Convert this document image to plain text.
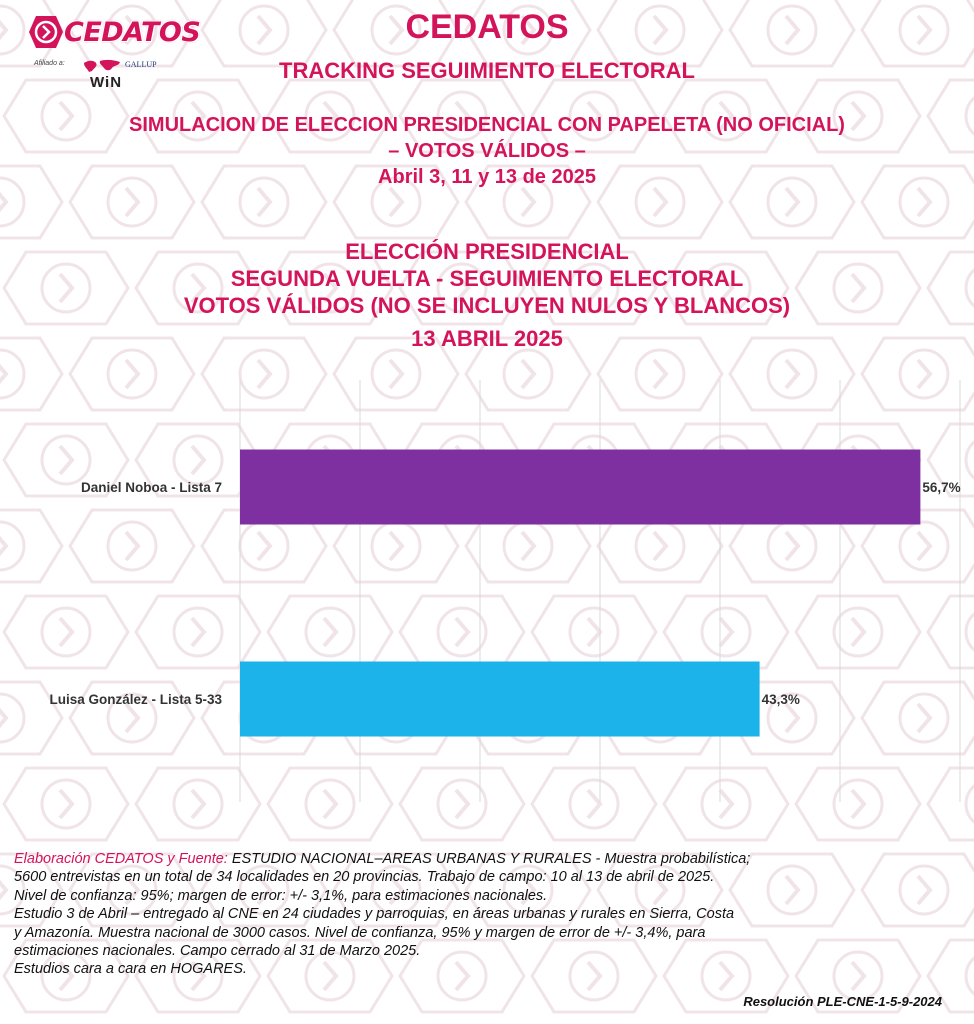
CEDATOS
Afiliado a:
WiN
GALLUP
CEDATOS
TRACKING SEGUIMIENTO ELECTORAL
SIMULACION DE ELECCION PRESIDENCIAL CON PAPELETA (NO OFICIAL)
– VOTOS VÁLIDOS –
Abril 3, 11 y 13 de 2025
ELECCIÓN PRESIDENCIAL
SEGUNDA VUELTA - SEGUIMIENTO ELECTORAL
VOTOS VÁLIDOS (NO SE INCLUYEN NULOS Y BLANCOS)
13 ABRIL 2025
Daniel Noboa - Lista 7	56,7%
Luisa González - Lista 5-33	43,3%
Elaboración CEDATOS y Fuente: ESTUDIO NACIONAL–AREAS URBANAS Y RURALES - Muestra probabilística;
5600 entrevistas en un total de 34 localidades en 20 provincias. Trabajo de campo: 10 al 13 de abril de 2025.
Nivel de confianza: 95%; margen de error: +/- 3,1%, para estimaciones nacionales.
Estudio 3 de Abril – entregado al CNE en 24 ciudades y parroquias, en áreas urbanas y rurales en Sierra, Costa
y Amazonía. Muestra nacional de 3000 casos. Nivel de confianza, 95% y margen de error de +/- 3,4%, para
estimaciones nacionales. Campo cerrado al 31 de Marzo 2025.
Estudios cara a cara en HOGARES.
Resolución PLE-CNE-1-5-9-2024
